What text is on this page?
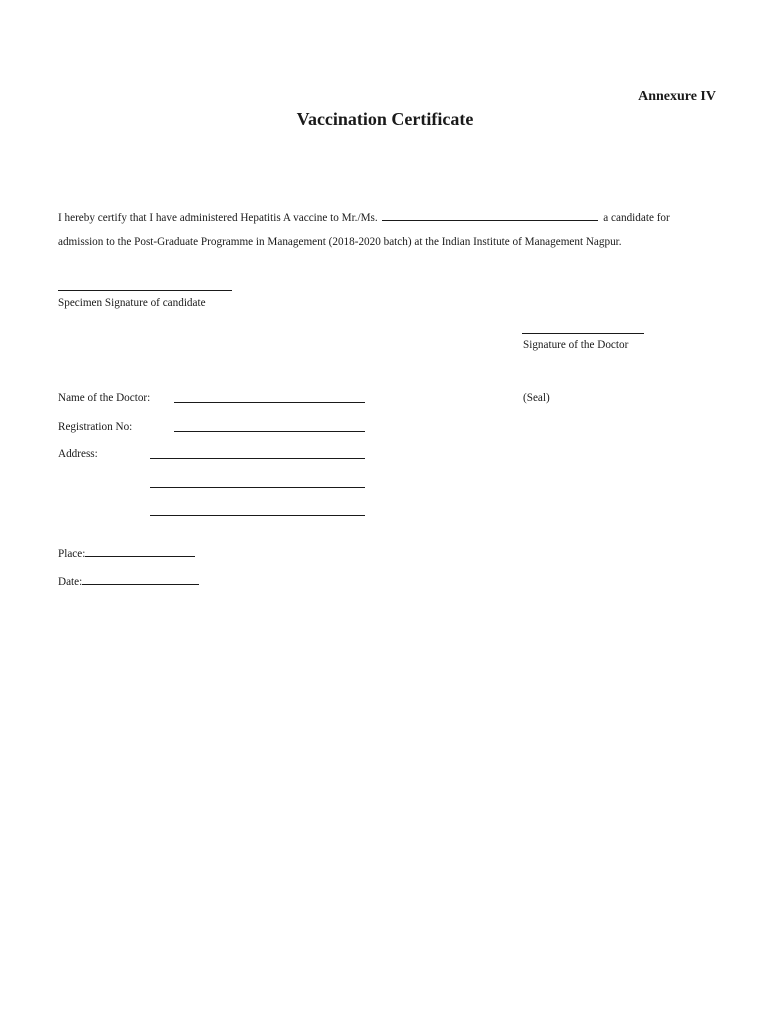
Annexure IV
Vaccination Certificate
I hereby certify that I have administered Hepatitis A vaccine to Mr./Ms.	a candidate for
admission to the Post-Graduate Programme in Management (2018-2020 batch) at the Indian Institute of Management Nagpur.
Specimen Signature of candidate
Signature of the Doctor
Name of the Doctor:	(Seal)
Registration No:
Address:
Place:
Date:
